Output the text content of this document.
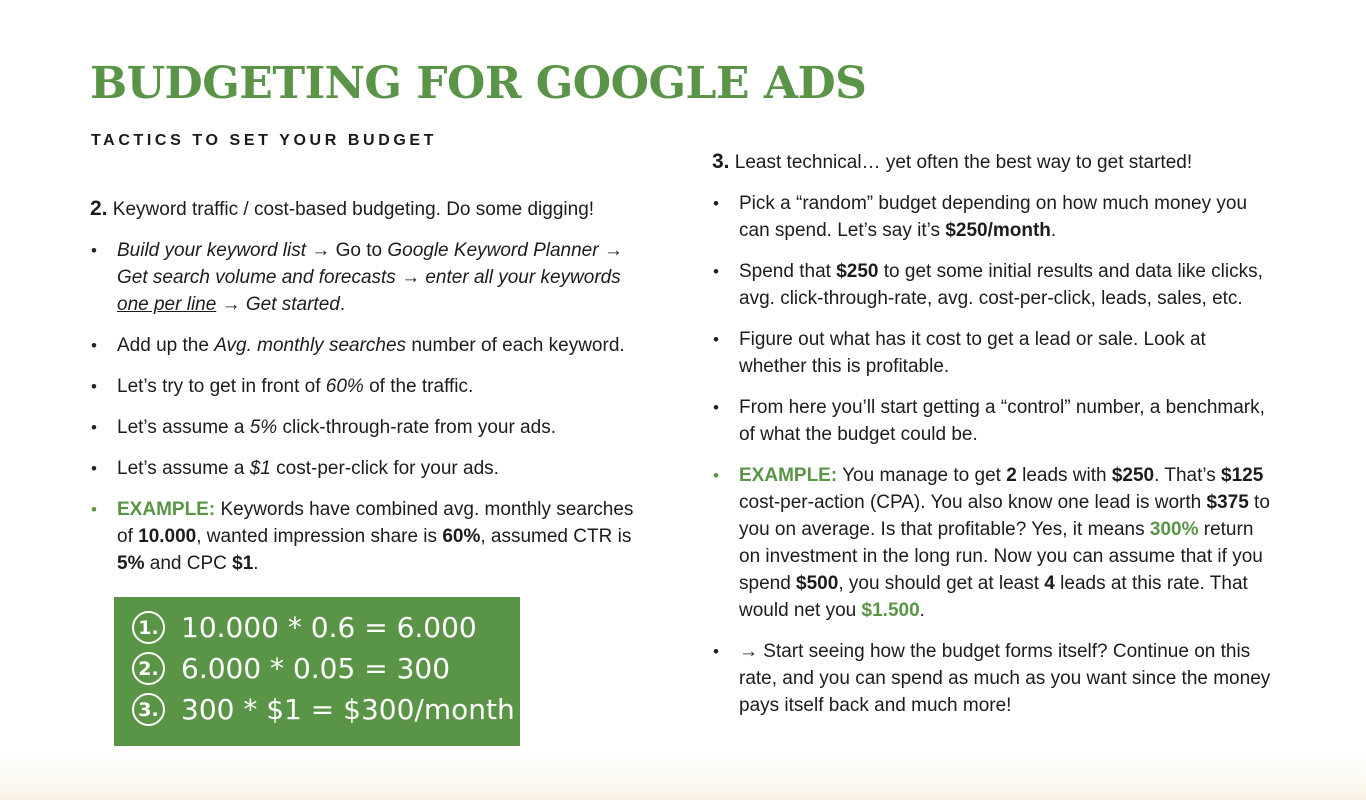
BUDGETING FOR GOOGLE ADS
TACTICS TO SET YOUR BUDGET

2. Keyword traffic / cost-based budgeting. Do some digging!

• Build your keyword list → Go to Google Keyword Planner → Get search volume and forecasts → enter all your keywords one per line → Get started.
• Add up the Avg. monthly searches number of each keyword.
• Let’s try to get in front of 60% of the traffic.
• Let’s assume a 5% click-through-rate from your ads.
• Let’s assume a $1 cost-per-click for your ads.
• EXAMPLE: Keywords have combined avg. monthly searches of 10.000, wanted impression share is 60%, assumed CTR is 5% and CPC $1.
1. 10.000 * 0.6 = 6.000
2. 6.000 * 0.05 = 300
3. 300 * $1 = $300/month

3. Least technical… yet often the best way to get started!

• Pick a “random” budget depending on how much money you can spend. Let’s say it’s $250/month.
• Spend that $250 to get some initial results and data like clicks, avg. click-through-rate, avg. cost-per-click, leads, sales, etc.
• Figure out what has it cost to get a lead or sale. Look at whether this is profitable.
• From here you’ll start getting a “control” number, a benchmark, of what the budget could be.
• EXAMPLE: You manage to get 2 leads with $250. That’s $125 cost-per-action (CPA). You also know one lead is worth $375 to you on average. Is that profitable? Yes, it means 300% return on investment in the long run. Now you can assume that if you spend $500, you should get at least 4 leads at this rate. That would net you $1.500.
• → Start seeing how the budget forms itself? Continue on this rate, and you can spend as much as you want since the money pays itself back and much more!
